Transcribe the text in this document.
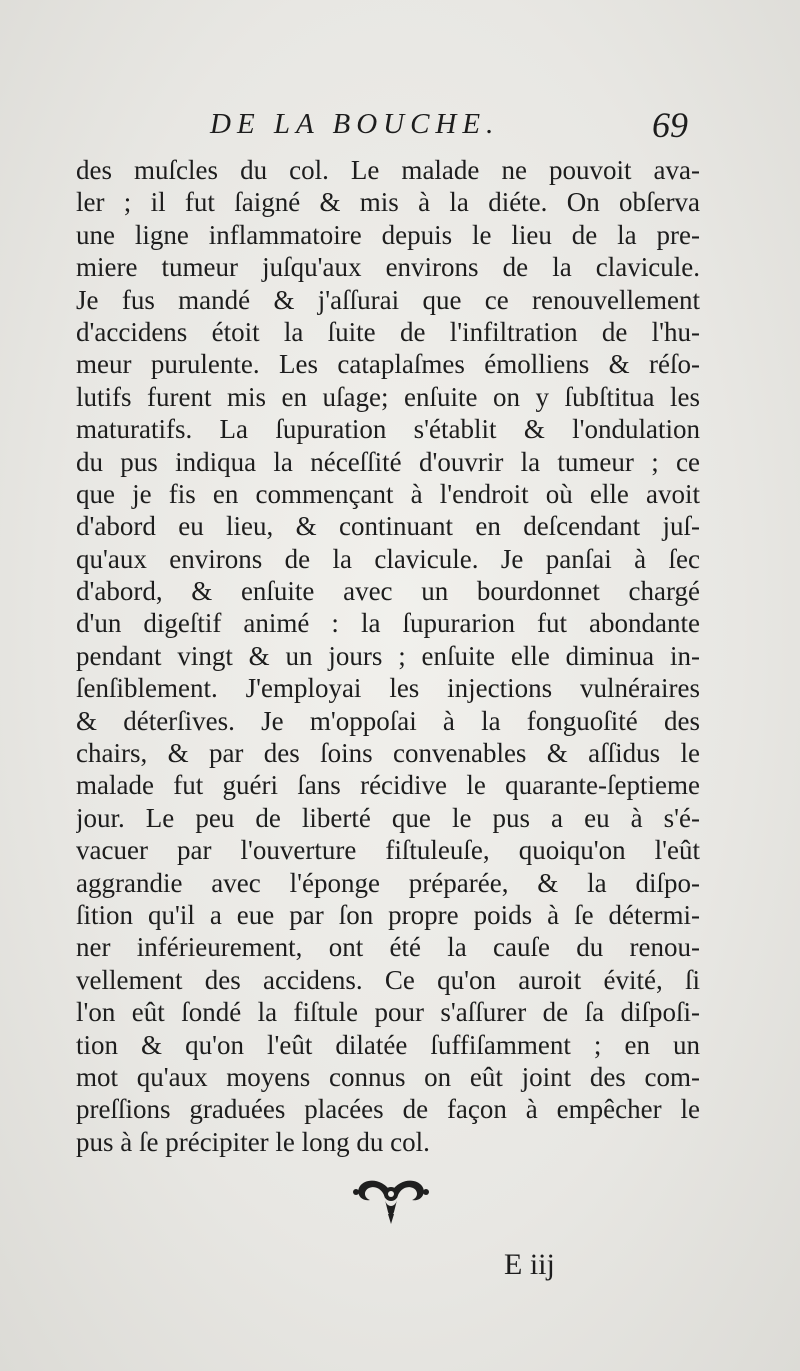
DE LA BOUCHE.	69
des muſcles du col. Le malade ne pouvoit ava-
ler ; il fut ſaigné & mis à la diéte. On obſerva
une ligne inflammatoire depuis le lieu de la pre-
miere tumeur juſqu'aux environs de la clavicule.
Je fus mandé & j'aſſurai que ce renouvellement
d'accidens étoit la ſuite de l'infiltration de l'hu-
meur purulente. Les cataplaſmes émolliens & réſo-
lutifs furent mis en uſage; enſuite on y ſubſtitua les
maturatifs. La ſupuration s'établit & l'ondulation
du pus indiqua la néceſſité d'ouvrir la tumeur ; ce
que je fis en commençant à l'endroit où elle avoit
d'abord eu lieu, & continuant en deſcendant juſ-
qu'aux environs de la clavicule. Je panſai à ſec
d'abord, & enſuite avec un bourdonnet chargé
d'un digeſtif animé : la ſupurarion fut abondante
pendant vingt & un jours ; enſuite elle diminua in-
ſenſiblement. J'employai les injections vulnéraires
& déterſives. Je m'oppoſai à la fonguoſité des
chairs, & par des ſoins convenables & aſſidus le
malade fut guéri ſans récidive le quarante-ſeptieme
jour. Le peu de liberté que le pus a eu à s'é-
vacuer par l'ouverture fiſtuleuſe, quoiqu'on l'eût
aggrandie avec l'éponge préparée, & la diſpo-
ſition qu'il a eue par ſon propre poids à ſe détermi-
ner inférieurement, ont été la cauſe du renou-
vellement des accidens. Ce qu'on auroit évité, ſi
l'on eût ſondé la fiſtule pour s'aſſurer de ſa diſpoſi-
tion & qu'on l'eût dilatée ſuffiſamment ; en un
mot qu'aux moyens connus on eût joint des com-
preſſions graduées placées de façon à empêcher le
pus à ſe précipiter le long du col.
E iij
